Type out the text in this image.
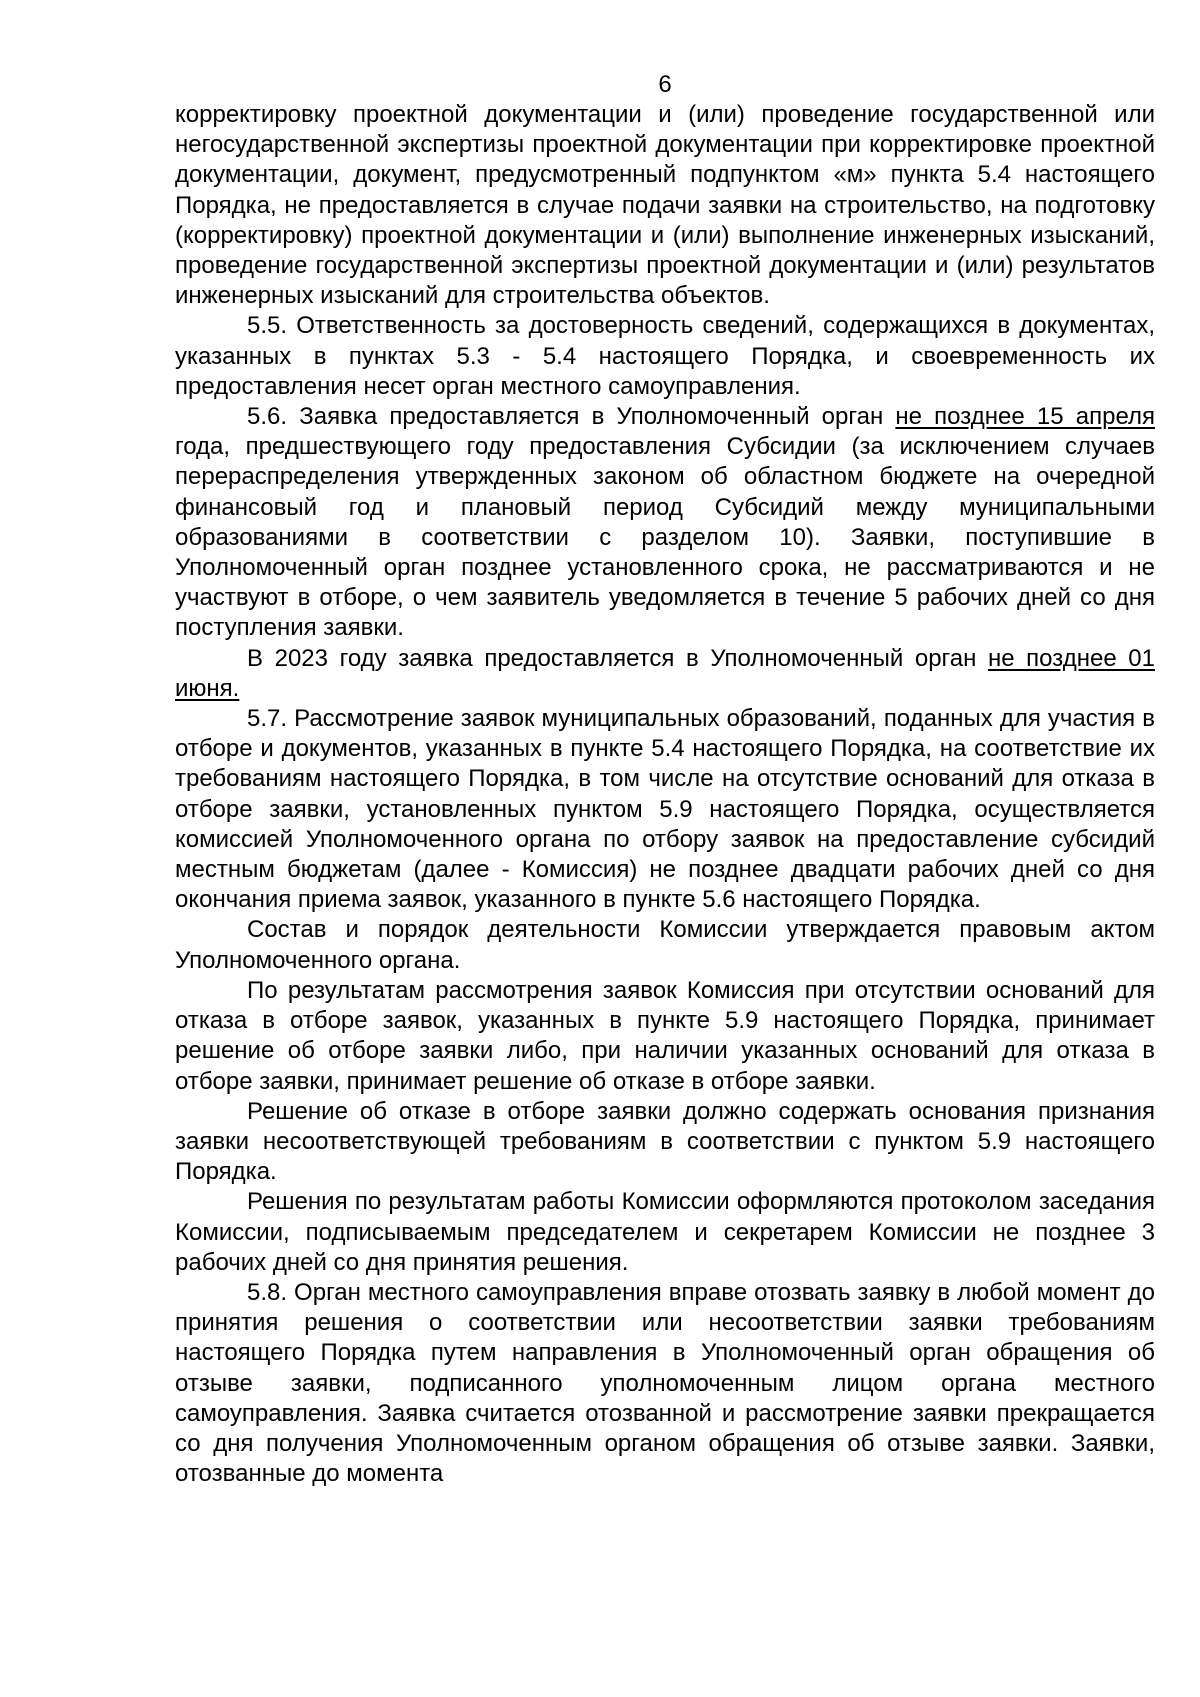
6

корректировку проектной документации и (или) проведение государственной или негосударственной экспертизы проектной документации при корректировке проектной документации, документ, предусмотренный подпунктом «м» пункта 5.4 настоящего Порядка, не предоставляется в случае подачи заявки на строительство, на подготовку (корректировку) проектной документации и (или) выполнение инженерных изысканий, проведение государственной экспертизы проектной документации и (или) результатов инженерных изысканий для строительства объектов.

5.5. Ответственность за достоверность сведений, содержащихся в документах, указанных в пунктах 5.3 - 5.4 настоящего Порядка, и своевременность их предоставления несет орган местного самоуправления.

5.6. Заявка предоставляется в Уполномоченный орган не позднее 15 апреля года, предшествующего году предоставления Субсидии (за исключением случаев перераспределения утвержденных законом об областном бюджете на очередной финансовый год и плановый период Субсидий между муниципальными образованиями в соответствии с разделом 10). Заявки, поступившие в Уполномоченный орган позднее установленного срока, не рассматриваются и не участвуют в отборе, о чем заявитель уведомляется в течение 5 рабочих дней со дня поступления заявки.

В 2023 году заявка предоставляется в Уполномоченный орган не позднее 01 июня.

5.7. Рассмотрение заявок муниципальных образований, поданных для участия в отборе и документов, указанных в пункте 5.4 настоящего Порядка, на соответствие их требованиям настоящего Порядка, в том числе на отсутствие оснований для отказа в отборе заявки, установленных пунктом 5.9 настоящего Порядка, осуществляется комиссией Уполномоченного органа по отбору заявок на предоставление субсидий местным бюджетам (далее - Комиссия) не позднее двадцати рабочих дней со дня окончания приема заявок, указанного в пункте 5.6 настоящего Порядка.

Состав и порядок деятельности Комиссии утверждается правовым актом Уполномоченного органа.

По результатам рассмотрения заявок Комиссия при отсутствии оснований для отказа в отборе заявок, указанных в пункте 5.9 настоящего Порядка, принимает решение об отборе заявки либо, при наличии указанных оснований для отказа в отборе заявки, принимает решение об отказе в отборе заявки.

Решение об отказе в отборе заявки должно содержать основания признания заявки несоответствующей требованиям в соответствии с пунктом 5.9 настоящего Порядка.

Решения по результатам работы Комиссии оформляются протоколом заседания Комиссии, подписываемым председателем и секретарем Комиссии не позднее 3 рабочих дней со дня принятия решения.

5.8. Орган местного самоуправления вправе отозвать заявку в любой момент до принятия решения о соответствии или несоответствии заявки требованиям настоящего Порядка путем направления в Уполномоченный орган обращения об отзыве заявки, подписанного уполномоченным лицом органа местного самоуправления. Заявка считается отозванной и рассмотрение заявки прекращается со дня получения Уполномоченным органом обращения об отзыве заявки. Заявки, отозванные до момента
